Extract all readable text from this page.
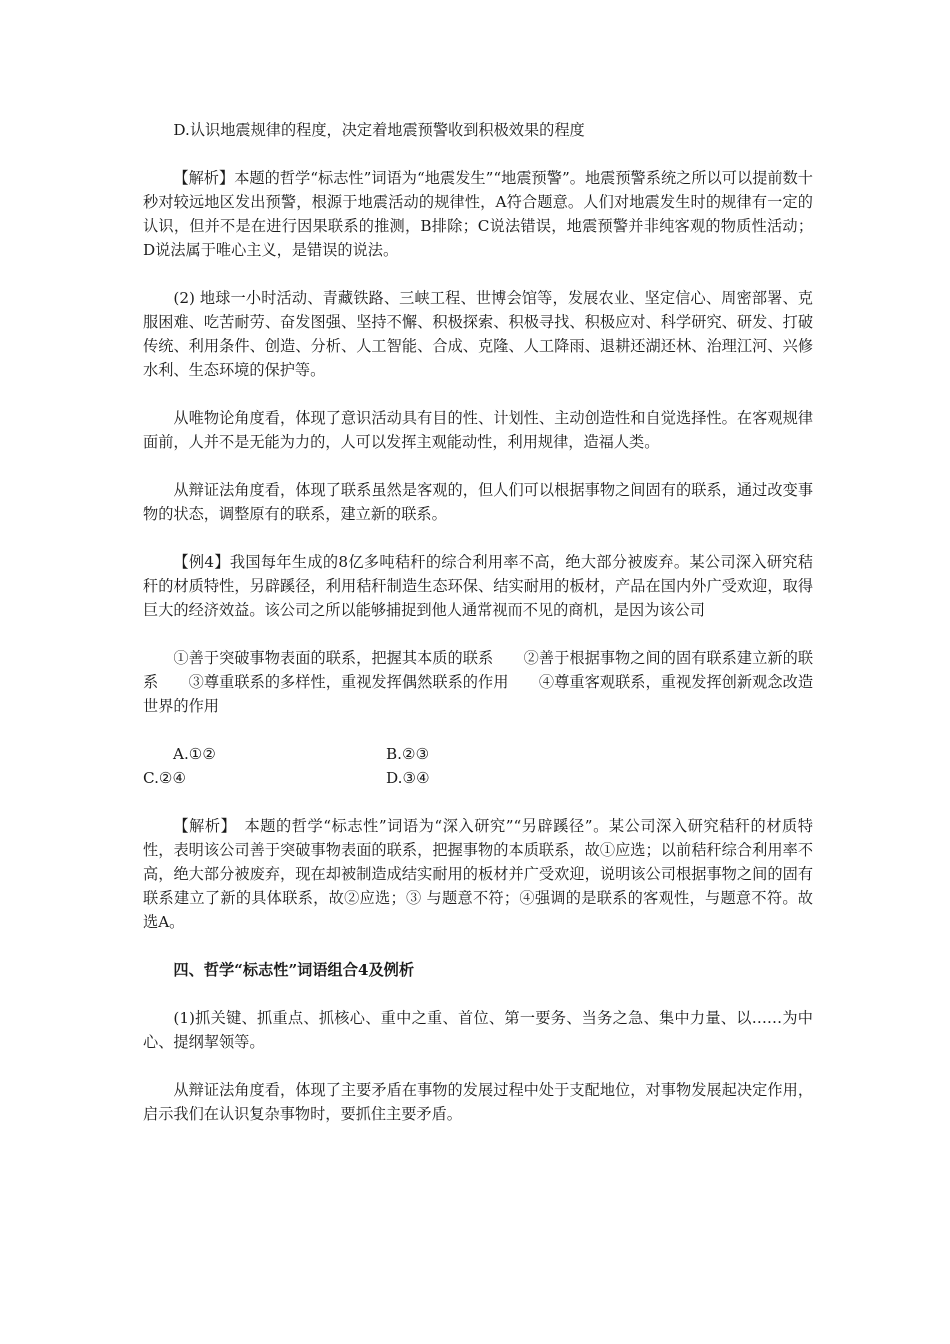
D.认识地震规律的程度，决定着地震预警收到积极效果的程度

【解析】本题的哲学“标志性”词语为“地震发生”“地震预警”。地震预警系统之所以可以提前数十秒对较远地区发出预警，根源于地震活动的规律性，A符合题意。人们对地震发生时的规律有一定的认识，但并不是在进行因果联系的推测，B排除；C说法错误，地震预警并非纯客观的物质性活动；D说法属于唯心主义，是错误的说法。

(2) 地球一小时活动、青藏铁路、三峡工程、世博会馆等，发展农业、坚定信心、周密部署、克服困难、吃苦耐劳、奋发图强、坚持不懈、积极探索、积极寻找、积极应对、科学研究、研发、打破传统、利用条件、创造、分析、人工智能、合成、克隆、人工降雨、退耕还湖还林、治理江河、兴修水利、生态环境的保护等。

从唯物论角度看，体现了意识活动具有目的性、计划性、主动创造性和自觉选择性。在客观规律面前，人并不是无能为力的，人可以发挥主观能动性，利用规律，造福人类。

从辩证法角度看，体现了联系虽然是客观的，但人们可以根据事物之间固有的联系，通过改变事物的状态，调整原有的联系，建立新的联系。

【例4】我国每年生成的8亿多吨秸秆的综合利用率不高，绝大部分被废弃。某公司深入研究秸秆的材质特性，另辟蹊径，利用秸秆制造生态环保、结实耐用的板材，产品在国内外广受欢迎，取得巨大的经济效益。该公司之所以能够捕捉到他人通常视而不见的商机，是因为该公司

①善于突破事物表面的联系，把握其本质的联系　　②善于根据事物之间的固有联系建立新的联系　　③尊重联系的多样性，重视发挥偶然联系的作用　　④尊重客观联系，重视发挥创新观念改造世界的作用

A.①②	B.②③
C.②④	D.③④

【解析】　本题的哲学“标志性”词语为“深入研究”“另辟蹊径”。某公司深入研究秸秆的材质特性，表明该公司善于突破事物表面的联系，把握事物的本质联系，故①应选；以前秸秆综合利用率不高，绝大部分被废弃，现在却被制造成结实耐用的板材并广受欢迎，说明该公司根据事物之间的固有联系建立了新的具体联系，故②应选；③ 与题意不符；④强调的是联系的客观性，与题意不符。故选A。

四、哲学“标志性”词语组合4及例析

(1)抓关键、抓重点、抓核心、重中之重、首位、第一要务、当务之急、集中力量、以……为中心、提纲挈领等。

从辩证法角度看，体现了主要矛盾在事物的发展过程中处于支配地位，对事物发展起决定作用，启示我们在认识复杂事物时，要抓住主要矛盾。
